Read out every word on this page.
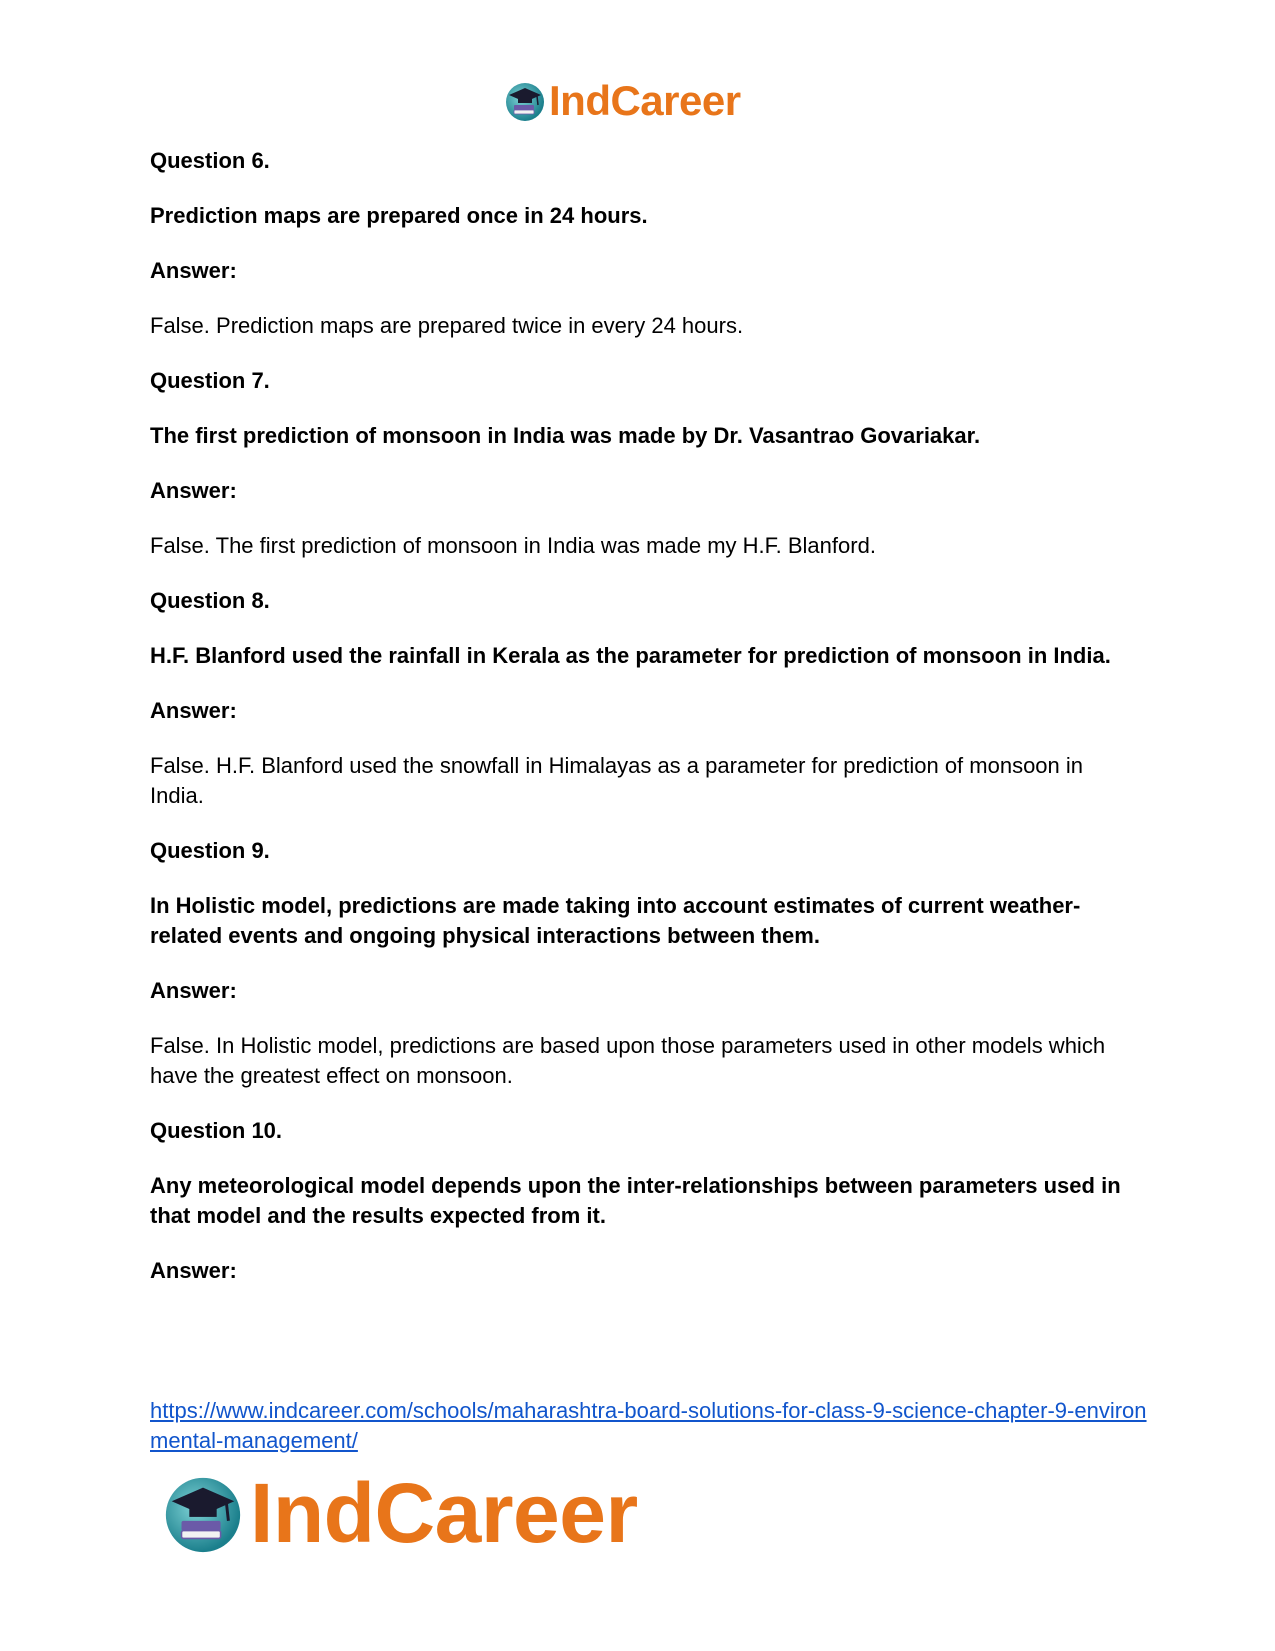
IndCareer

Question 6.

Prediction maps are prepared once in 24 hours.

Answer:

False. Prediction maps are prepared twice in every 24 hours.

Question 7.

The first prediction of monsoon in India was made by Dr. Vasantrao Govariakar.

Answer:

False. The first prediction of monsoon in India was made my H.F. Blanford.

Question 8.

H.F. Blanford used the rainfall in Kerala as the parameter for prediction of monsoon in India.

Answer:

False. H.F. Blanford used the snowfall in Himalayas as a parameter for prediction of monsoon in India.

Question 9.

In Holistic model, predictions are made taking into account estimates of current weather-related events and ongoing physical interactions between them.

Answer:

False. In Holistic model, predictions are based upon those parameters used in other models which have the greatest effect on monsoon.

Question 10.

Any meteorological model depends upon the inter-relationships between parameters used in that model and the results expected from it.

Answer:

https://www.indcareer.com/schools/maharashtra-board-solutions-for-class-9-science-chapter-9-environmental-management/
IndCareer
